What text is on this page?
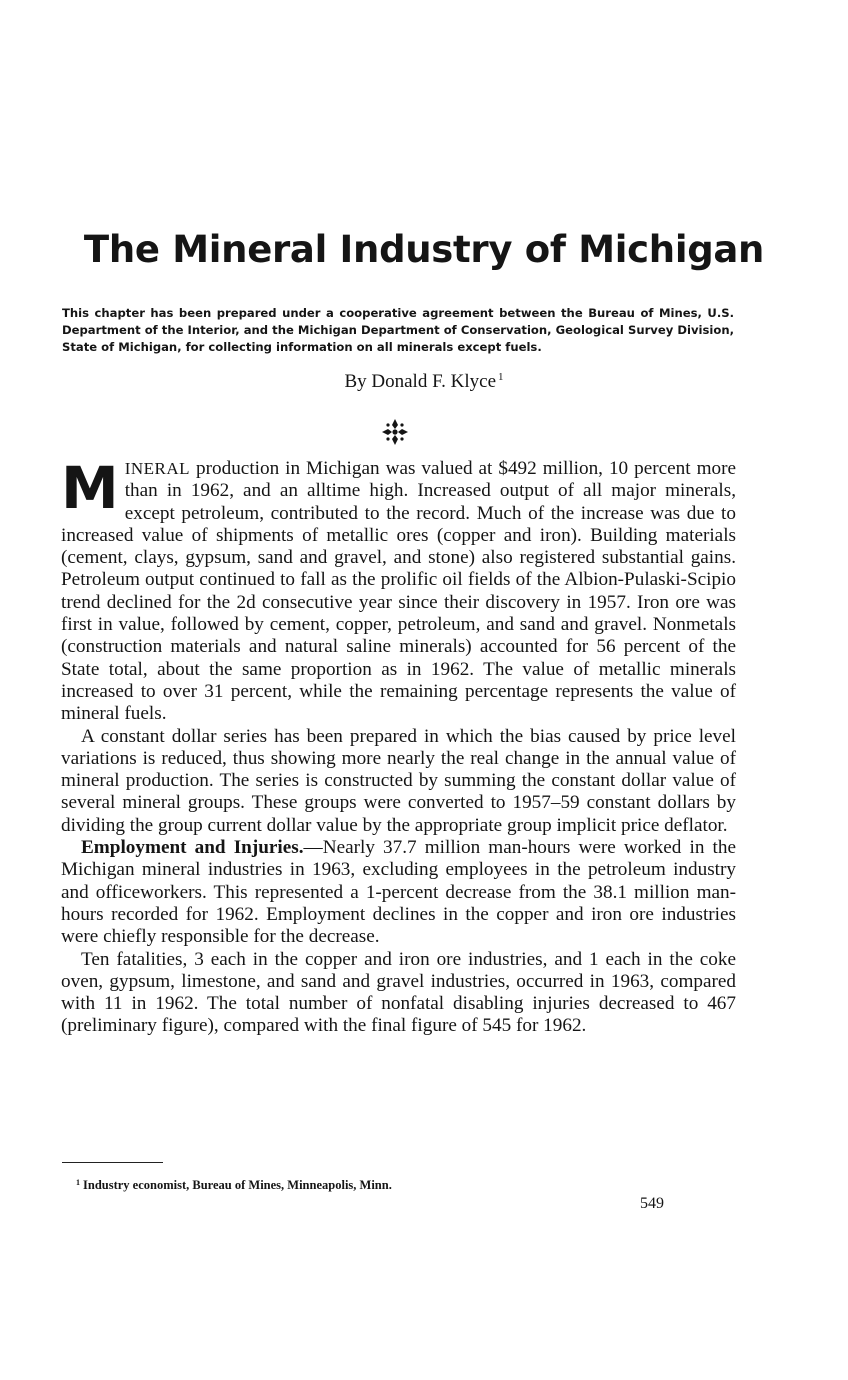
The Mineral Industry of Michigan

This chapter has been prepared under a cooperative agreement between the Bureau of Mines, U.S. Department of the Interior, and the Michigan Department of Conservation, Geological Survey Division, State of Michigan, for collecting information on all minerals except fuels.

By Donald F. Klyce $^1$

MINERAL production in Michigan was valued at $492 million, 10 percent more than in 1962, and an alltime high. Increased output of all major minerals, except petroleum, contributed to the record. Much of the increase was due to increased value of shipments of metallic ores (copper and iron). Building materials (cement, clays, gypsum, sand and gravel, and stone) also registered substantial gains. Petroleum output continued to fall as the prolific oil fields of the Albion-Pulaski-Scipio trend declined for the 2d consecutive year since their discovery in 1957. Iron ore was first in value, followed by cement, copper, petroleum, and sand and gravel. Nonmetals (construction materials and natural saline minerals) accounted for 56 percent of the State total, about the same proportion as in 1962. The value of metallic minerals increased to over 31 percent, while the remaining percentage represents the value of mineral fuels.

A constant dollar series has been prepared in which the bias caused by price level variations is reduced, thus showing more nearly the real change in the annual value of mineral production. The series is constructed by summing the constant dollar value of several mineral groups. These groups were converted to 1957–59 constant dollars by dividing the group current dollar value by the appropriate group implicit price deflator.

Employment and Injuries.—Nearly 37.7 million man-hours were worked in the Michigan mineral industries in 1963, excluding employees in the petroleum industry and officeworkers. This represented a 1-percent decrease from the 38.1 million man-hours recorded for 1962. Employment declines in the copper and iron ore industries were chiefly responsible for the decrease.

Ten fatalities, 3 each in the copper and iron ore industries, and 1 each in the coke oven, gypsum, limestone, and sand and gravel industries, occurred in 1963, compared with 11 in 1962. The total number of nonfatal disabling injuries decreased to 467 (preliminary figure), compared with the final figure of 545 for 1962.

$^1$ Industry economist, Bureau of Mines, Minneapolis, Minn.

549
